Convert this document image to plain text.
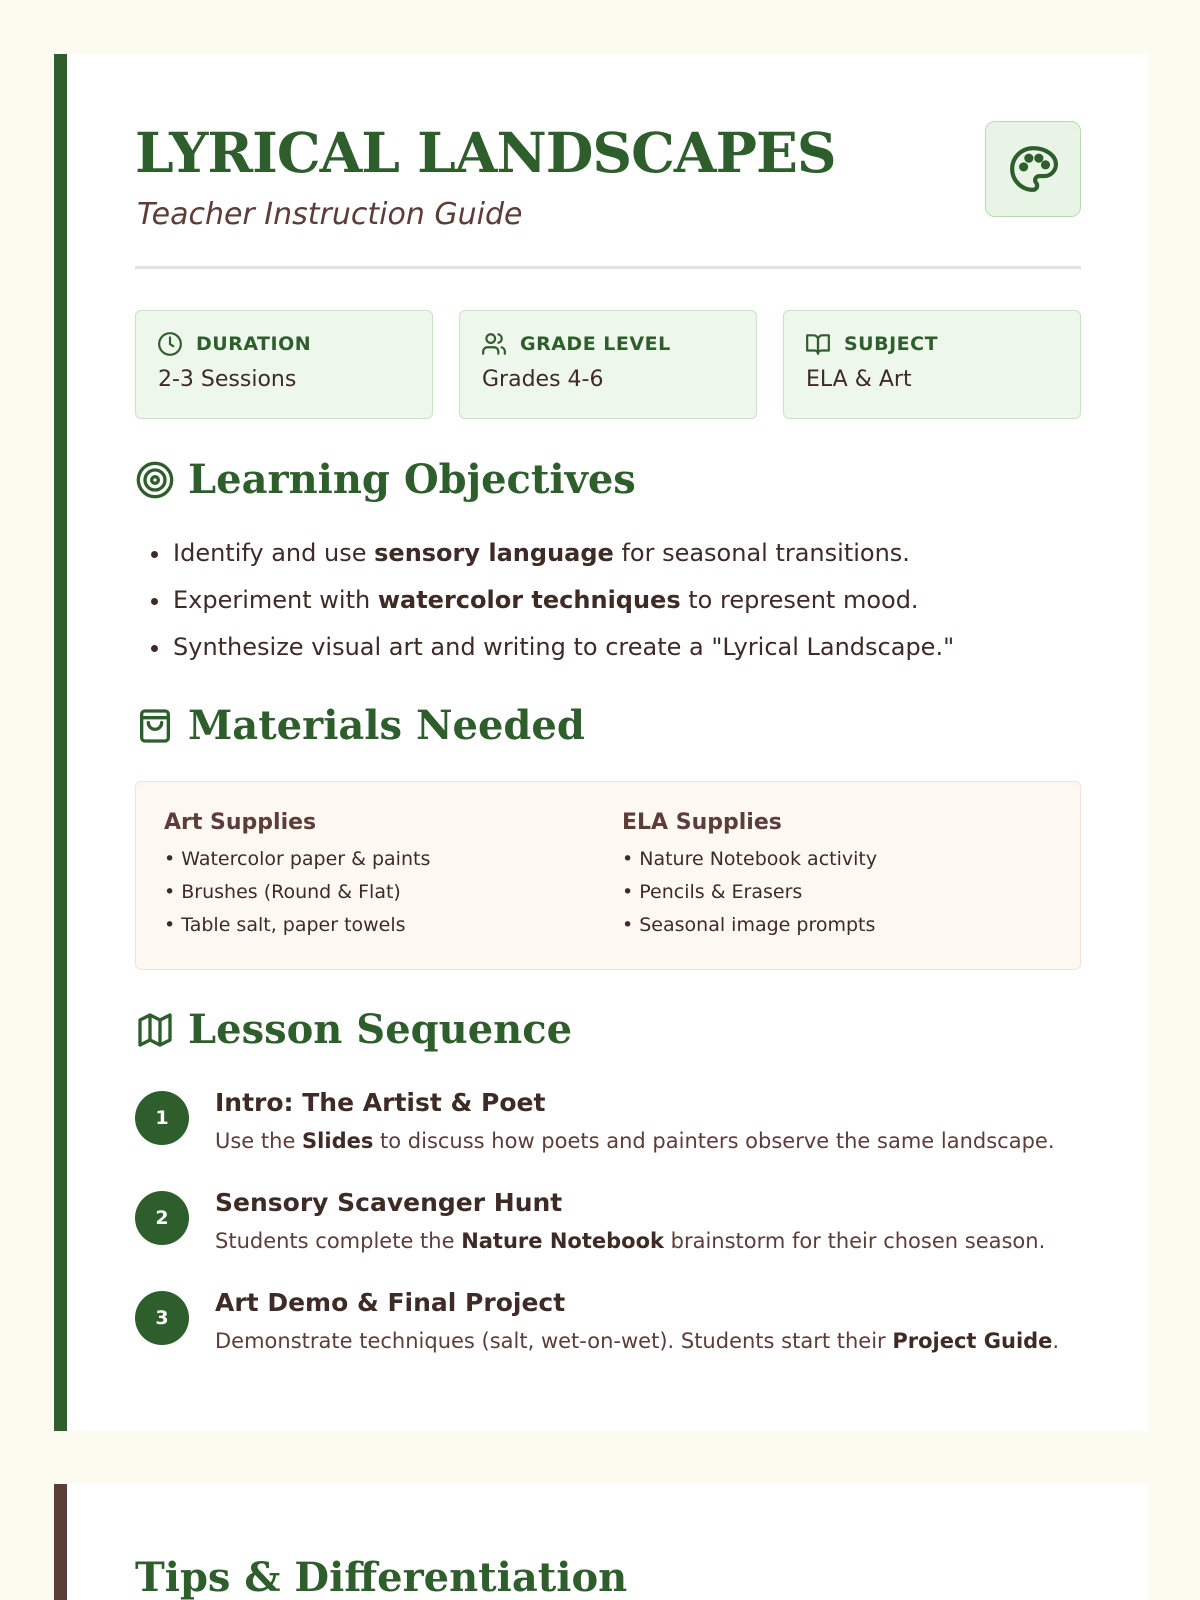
LYRICAL LANDSCAPES
Teacher Instruction Guide
DURATION
2-3 Sessions
GRADE LEVEL
Grades 4-6
SUBJECT
ELA & Art
Learning Objectives
Identify and use sensory language for seasonal transitions.
Experiment with watercolor techniques to represent mood.
Synthesize visual art and writing to create a "Lyrical Landscape."
Materials Needed
Art Supplies
• Watercolor paper & paints
• Brushes (Round & Flat)
• Table salt, paper towels
ELA Supplies
• Nature Notebook activity
• Pencils & Erasers
• Seasonal image prompts
Lesson Sequence
1
Intro: The Artist & Poet
Use the Slides to discuss how poets and painters observe the same landscape.
2
Sensory Scavenger Hunt
Students complete the Nature Notebook brainstorm for their chosen season.
3
Art Demo & Final Project
Demonstrate techniques (salt, wet-on-wet). Students start their Project Guide.
Tips & Differentiation
